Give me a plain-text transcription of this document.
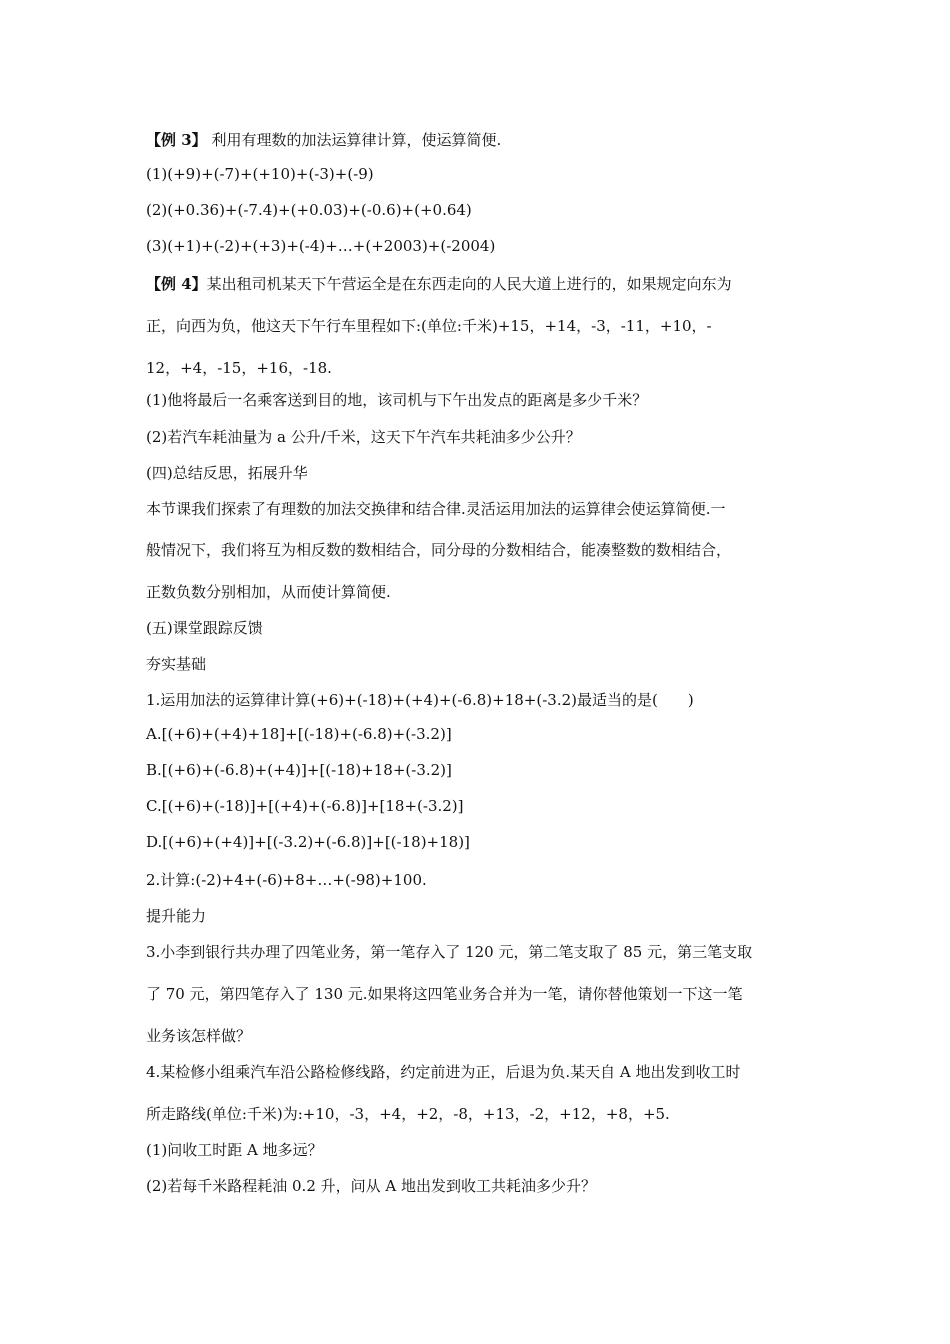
【例 3】 利用有理数的加法运算律计算，使运算简便.
(1)(+9)+(-7)+(+10)+(-3)+(-9)
(2)(+0.36)+(-7.4)+(+0.03)+(-0.6)+(+0.64)
(3)(+1)+(-2)+(+3)+(-4)+…+(+2003)+(-2004)
【例 4】某出租司机某天下午营运全是在东西走向的人民大道上进行的，如果规定向东为
正，向西为负，他这天下午行车里程如下:(单位:千米)+15，+14，-3，-11，+10，-
12，+4，-15，+16，-18.
(1)他将最后一名乘客送到目的地，该司机与下午出发点的距离是多少千米？
(2)若汽车耗油量为 a 公升/千米，这天下午汽车共耗油多少公升？
(四)总结反思，拓展升华
本节课我们探索了有理数的加法交换律和结合律.灵活运用加法的运算律会使运算简便.一
般情况下，我们将互为相反数的数相结合，同分母的分数相结合，能凑整数的数相结合，
正数负数分别相加，从而使计算简便.
(五)课堂跟踪反馈
夯实基础
1.运用加法的运算律计算(+6)+(-18)+(+4)+(-6.8)+18+(-3.2)最适当的是(　　)
A.[(+6)+(+4)+18]+[(-18)+(-6.8)+(-3.2)]
B.[(+6)+(-6.8)+(+4)]+[(-18)+18+(-3.2)]
C.[(+6)+(-18)]+[(+4)+(-6.8)]+[18+(-3.2)]
D.[(+6)+(+4)]+[(-3.2)+(-6.8)]+[(-18)+18)]
2.计算:(-2)+4+(-6)+8+…+(-98)+100.
提升能力
3.小李到银行共办理了四笔业务，第一笔存入了 120 元，第二笔支取了 85 元，第三笔支取
了 70 元，第四笔存入了 130 元.如果将这四笔业务合并为一笔，请你替他策划一下这一笔
业务该怎样做？
4.某检修小组乘汽车沿公路检修线路，约定前进为正，后退为负.某天自 A 地出发到收工时
所走路线(单位:千米)为:+10，-3，+4，+2，-8，+13，-2，+12，+8，+5.
(1)问收工时距 A 地多远？
(2)若每千米路程耗油 0.2 升，问从 A 地出发到收工共耗油多少升？
